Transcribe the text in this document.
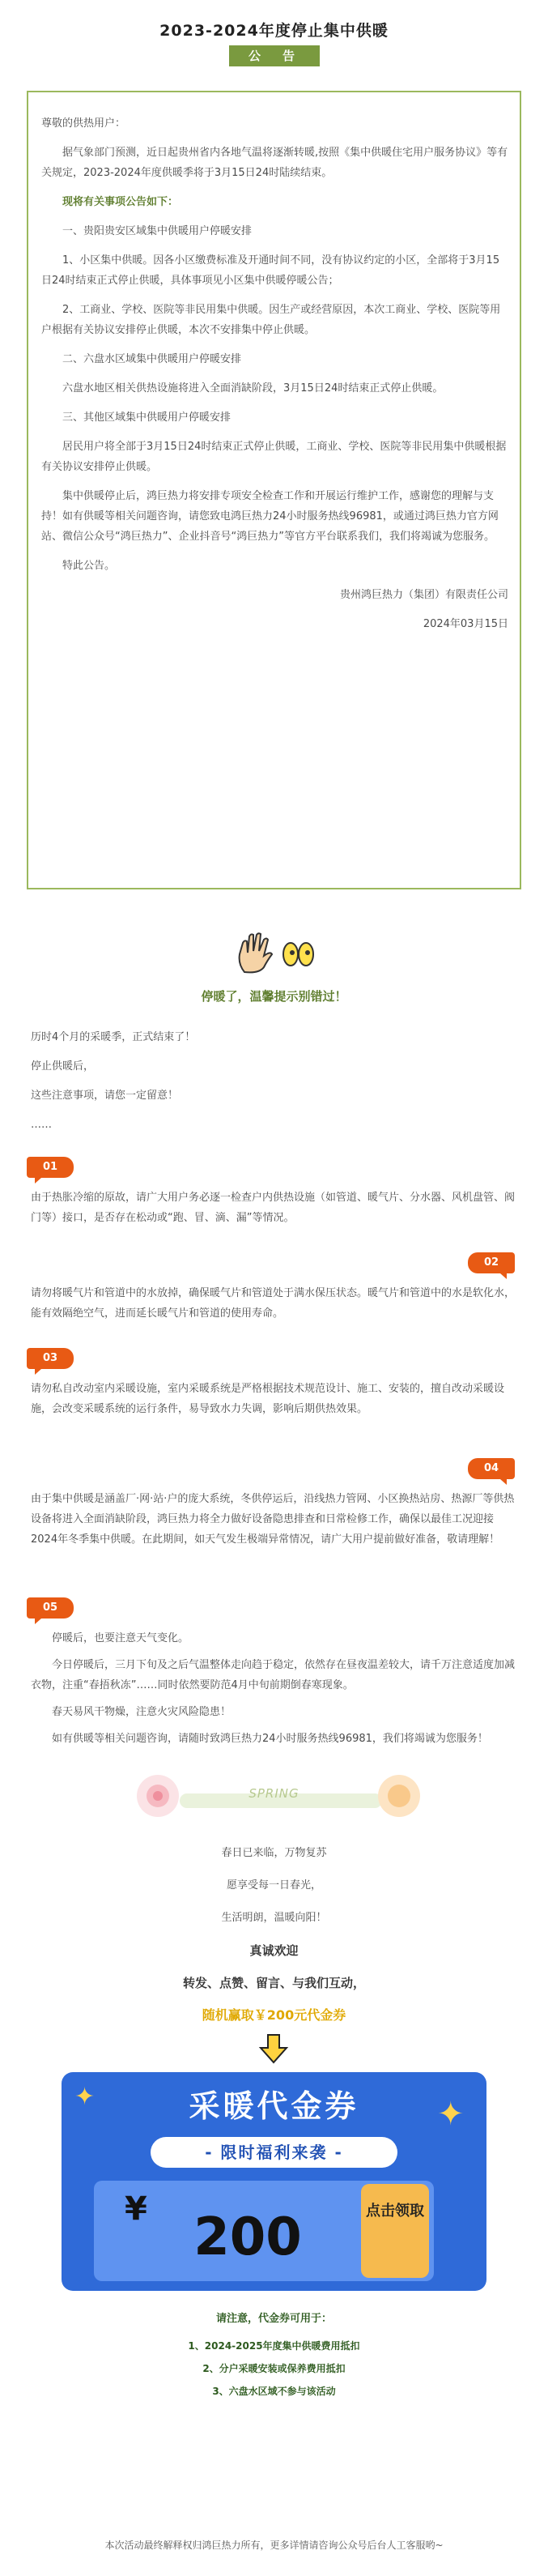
2023-2024年度停止集中供暖
公　告

尊敬的供热用户：

据气象部门预测，近日起贵州省内各地气温将逐渐转暖,按照《集中供暖住宅用户服务协议》等有关规定，2023-2024年度供暖季将于3月15日24时陆续结束。

现将有关事项公告如下：

一、贵阳贵安区域集中供暖用户停暖安排

1、小区集中供暖。因各小区缴费标准及开通时间不同，没有协议约定的小区，全部将于3月15日24时结束正式停止供暖，具体事项见小区集中供暖停暖公告；

2、工商业、学校、医院等非民用集中供暖。因生产或经营原因，本次工商业、学校、医院等用户根据有关协议安排停止供暖，本次不安排集中停止供暖。

二、六盘水区域集中供暖用户停暖安排

六盘水地区相关供热设施将进入全面消缺阶段，3月15日24时结束正式停止供暖。

三、其他区域集中供暖用户停暖安排

居民用户将全部于3月15日24时结束正式停止供暖，工商业、学校、医院等非民用集中供暖根据有关协议安排停止供暖。

集中供暖停止后，鸿巨热力将安排专项安全检查工作和开展运行维护工作，感谢您的理解与支持！如有供暖等相关问题咨询，请您致电鸿巨热力24小时服务热线96981，或通过鸿巨热力官方网站、微信公众号“鸿巨热力”、企业抖音号“鸿巨热力”等官方平台联系我们，我们将竭诚为您服务。

特此公告。

贵州鸿巨热力（集团）有限责任公司

2024年03月15日

停暖了，温馨提示别错过！

历时4个月的采暖季，正式结束了！

停止供暖后，

这些注意事项，请您一定留意！

……

01

由于热胀冷缩的原故，请广大用户务必逐一检查户内供热设施（如管道、暖气片、分水器、风机盘管、阀门等）接口，是否存在松动或“跑、冒、滴、漏”等情况。

02

请勿将暖气片和管道中的水放掉，确保暖气片和管道处于满水保压状态。暖气片和管道中的水是软化水，能有效隔绝空气，进而延长暖气片和管道的使用寿命。

03

请勿私自改动室内采暖设施，室内采暖系统是严格根据技术规范设计、施工、安装的，擅自改动采暖设施，会改变采暖系统的运行条件，易导致水力失调，影响后期供热效果。

04

由于集中供暖是涵盖厂·网·站·户的庞大系统，冬供停运后，沿线热力管网、小区换热站房、热源厂等供热设备将进入全面消缺阶段，鸿巨热力将全力做好设备隐患排查和日常检修工作，确保以最佳工况迎接2024年冬季集中供暖。在此期间，如天气发生极端异常情况，请广大用户提前做好准备，敬请理解！

05

停暖后，也要注意天气变化。

今日停暖后，三月下旬及之后气温整体走向趋于稳定，依然存在昼夜温差较大，请千万注意适度加减衣物，注重“春捂秋冻”……同时依然要防范4月中旬前期倒春寒现象。

春天易风干物燥，注意火灾风险隐患！

如有供暖等相关问题咨询，请随时致鸿巨热力24小时服务热线96981，我们将竭诚为您服务！

SPRING
春日已来临，万物复苏
愿享受每一日春光，
生活明朗，温暖向阳！
真诚欢迎
转发、点赞、留言、与我们互动，
随机赢取￥200元代金券
✦	✦
采暖代金券
- 限时福利来袭 -
¥ 200	点击领取
请注意，代金券可用于：
1、2024-2025年度集中供暖费用抵扣
2、分户采暖安装或保养费用抵扣
3、六盘水区域不参与该活动
本次活动最终解释权归鸿巨热力所有，更多详情请咨询公众号后台人工客服哟~
